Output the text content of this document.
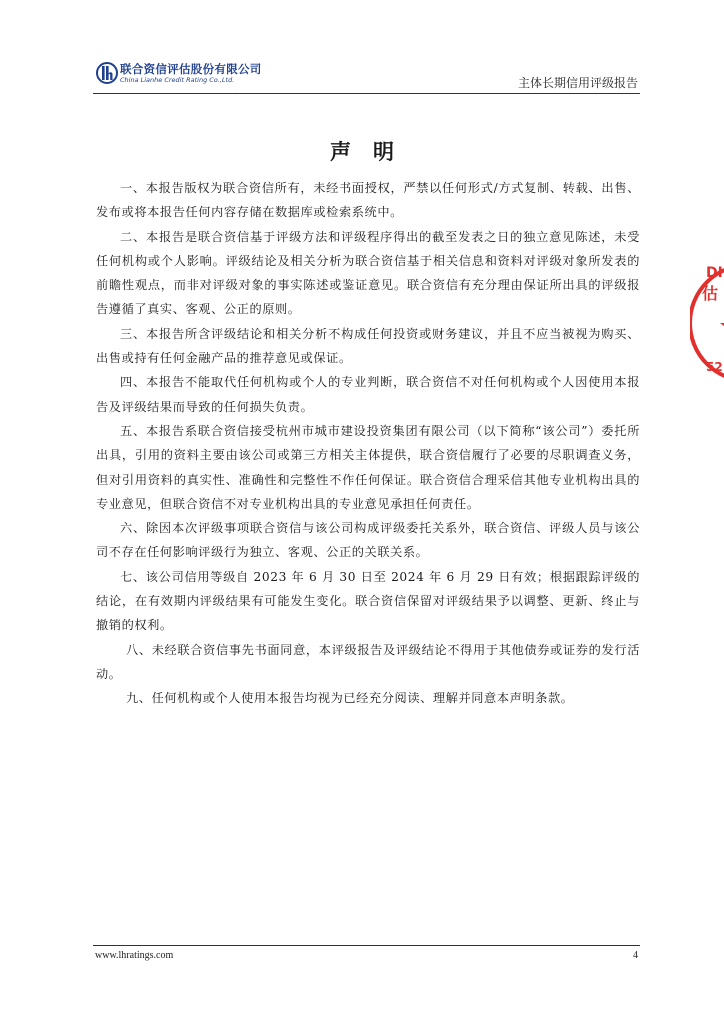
联合资信评估股份有限公司
China Lianhe Credit Rating Co.,Ltd.	主体长期信用评级报告
声明

一、本报告版权为联合资信所有，未经书面授权，严禁以任何形式/方式复制、转载、出售、发布或将本报告任何内容存储在数据库或检索系统中。

二、本报告是联合资信基于评级方法和评级程序得出的截至发表之日的独立意见陈述，未受任何机构或个人影响。评级结论及相关分析为联合资信基于相关信息和资料对评级对象所发表的前瞻性观点，而非对评级对象的事实陈述或鉴证意见。联合资信有充分理由保证所出具的评级报告遵循了真实、客观、公正的原则。

三、本报告所含评级结论和相关分析不构成任何投资或财务建议，并且不应当被视为购买、出售或持有任何金融产品的推荐意见或保证。

四、本报告不能取代任何机构或个人的专业判断，联合资信不对任何机构或个人因使用本报告及评级结果而导致的任何损失负责。

五、本报告系联合资信接受杭州市城市建设投资集团有限公司（以下简称“该公司”）委托所出具，引用的资料主要由该公司或第三方相关主体提供，联合资信履行了必要的尽职调查义务，但对引用资料的真实性、准确性和完整性不作任何保证。联合资信合理采信其他专业机构出具的专业意见，但联合资信不对专业机构出具的专业意见承担任何责任。

六、除因本次评级事项联合资信与该公司构成评级委托关系外，联合资信、评级人员与该公司不存在任何影响评级行为独立、客观、公正的关联关系。

七、该公司信用等级自 2023 年 6 月 30 日至 2024 年 6 月 29 日有效；根据跟踪评级的结论，在有效期内评级结果有可能发生变化。联合资信保留对评级结果予以调整、更新、终止与撤销的权利。

八、未经联合资信事先书面同意，本评级报告及评级结论不得用于其他债券或证券的发行活动。

九、任何机构或个人使用本报告均视为已经充分阅读、理解并同意本声明条款。

DI
估
52
www.lhratings.com	4
